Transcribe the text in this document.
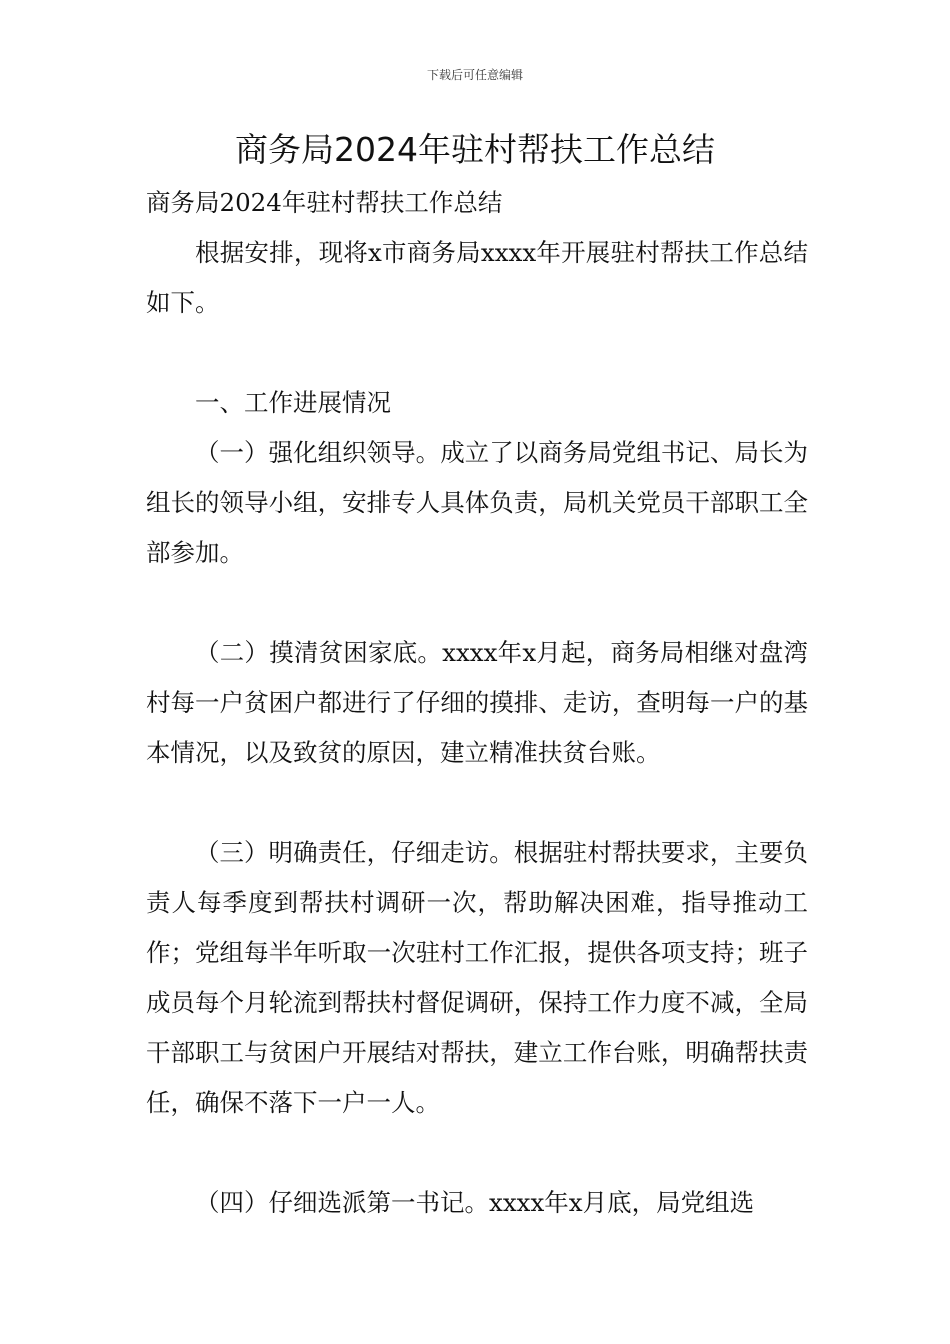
下载后可任意编辑
商务局2024年驻村帮扶工作总结

商务局2024年驻村帮扶工作总结

根据安排，现将x市商务局xxxx年开展驻村帮扶工作总结如下。

一、工作进展情况

（一）强化组织领导。成立了以商务局党组书记、局长为组长的领导小组，安排专人具体负责，局机关党员干部职工全部参加。

（二）摸清贫困家底。xxxx年x月起，商务局相继对盘湾村每一户贫困户都进行了仔细的摸排、走访，查明每一户的基本情况，以及致贫的原因，建立精准扶贫台账。

（三）明确责任，仔细走访。根据驻村帮扶要求，主要负责人每季度到帮扶村调研一次，帮助解决困难，指导推动工作；党组每半年听取一次驻村工作汇报，提供各项支持；班子成员每个月轮流到帮扶村督促调研，保持工作力度不减，全局干部职工与贫困户开展结对帮扶，建立工作台账，明确帮扶责任，确保不落下一户一人。

（四）仔细选派第一书记。xxxx年x月底，局党组选
